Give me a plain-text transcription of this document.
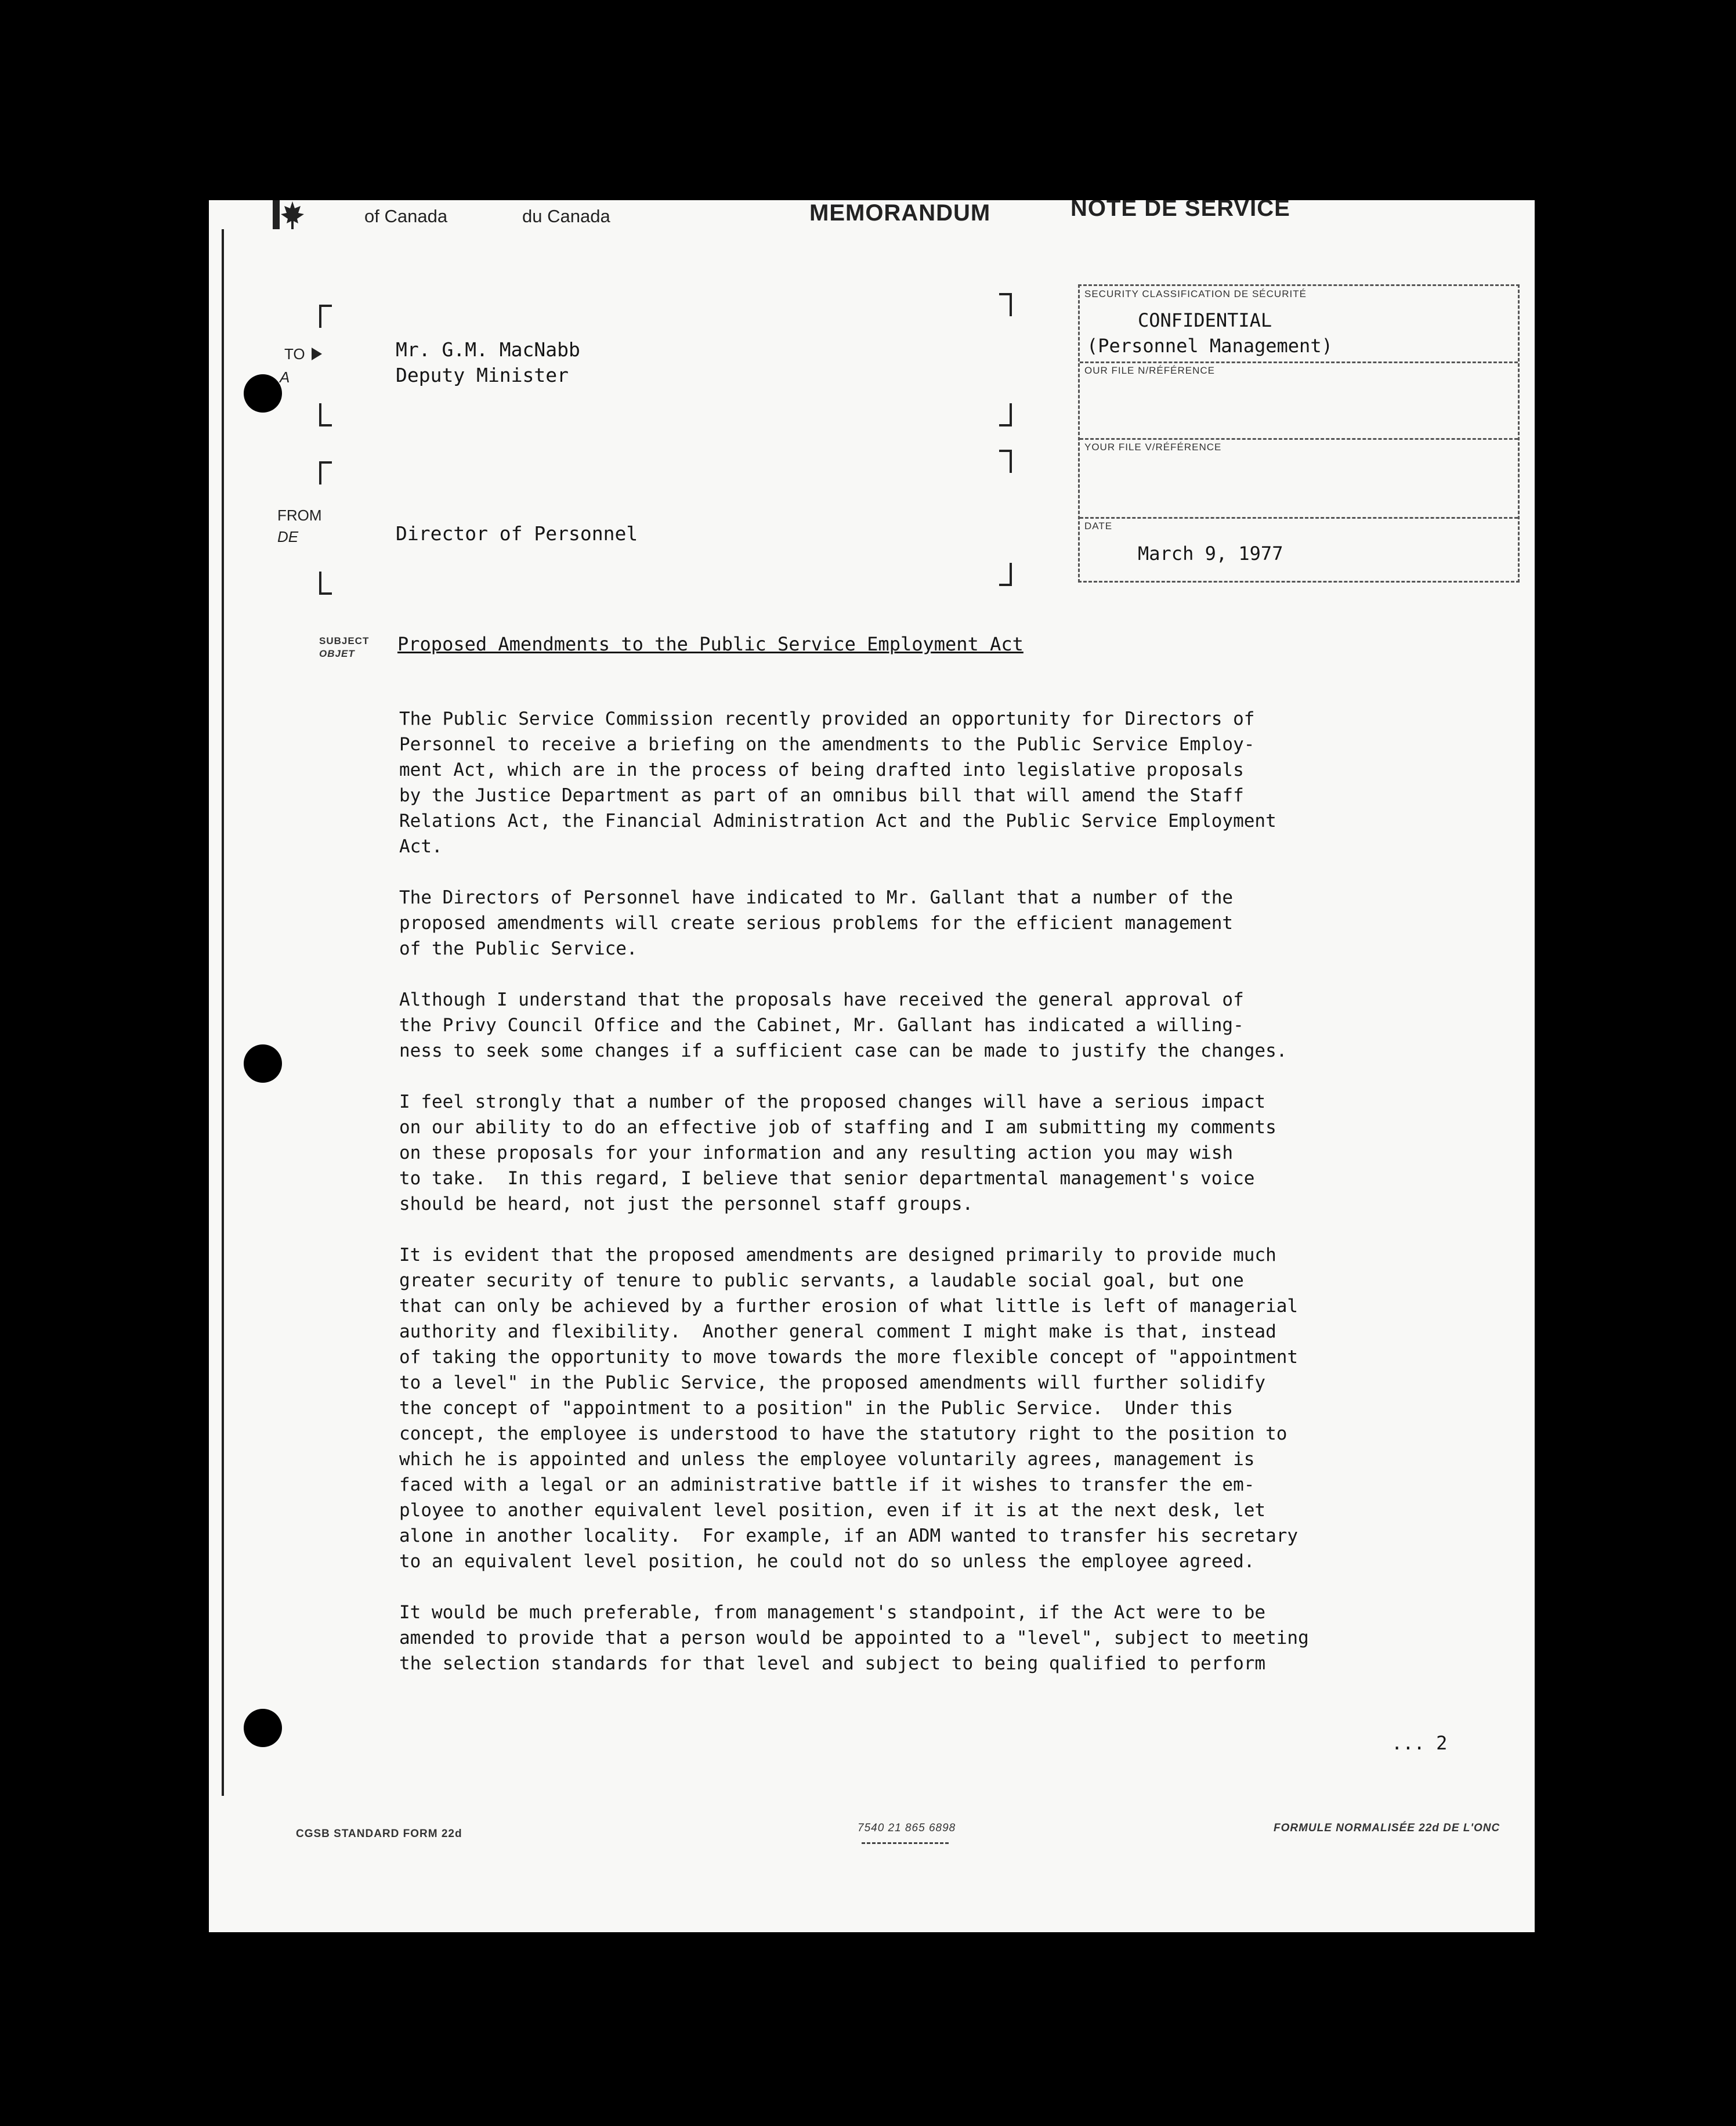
of Canada	du Canada	MEMORANDUM	NOTE DE SERVICE
TO
A
Mr. G.M. MacNabb
Deputy Minister
FROM
DE	Director of Personnel
SECURITY CLASSIFICATION DE SÉCURITÉ
CONFIDENTIAL
(Personnel Management)
OUR FILE N/RÉFÉRENCE
YOUR FILE V/RÉFÉRENCE
DATE
March 9, 1977
SUBJECT
OBJET Proposed Amendments to the Public Service Employment Act

The Public Service Commission recently provided an opportunity for Directors of
Personnel to receive a briefing on the amendments to the Public Service Employ-
ment Act, which are in the process of being drafted into legislative proposals
by the Justice Department as part of an omnibus bill that will amend the Staff
Relations Act, the Financial Administration Act and the Public Service Employment
Act.

The Directors of Personnel have indicated to Mr. Gallant that a number of the
proposed amendments will create serious problems for the efficient management
of the Public Service.

Although I understand that the proposals have received the general approval of
the Privy Council Office and the Cabinet, Mr. Gallant has indicated a willing-
ness to seek some changes if a sufficient case can be made to justify the changes.

I feel strongly that a number of the proposed changes will have a serious impact
on our ability to do an effective job of staffing and I am submitting my comments
on these proposals for your information and any resulting action you may wish
to take.  In this regard, I believe that senior departmental management's voice
should be heard, not just the personnel staff groups.

It is evident that the proposed amendments are designed primarily to provide much
greater security of tenure to public servants, a laudable social goal, but one
that can only be achieved by a further erosion of what little is left of managerial
authority and flexibility.  Another general comment I might make is that, instead
of taking the opportunity to move towards the more flexible concept of "appointment
to a level" in the Public Service, the proposed amendments will further solidify
the concept of "appointment to a position" in the Public Service.  Under this
concept, the employee is understood to have the statutory right to the position to
which he is appointed and unless the employee voluntarily agrees, management is
faced with a legal or an administrative battle if it wishes to transfer the em-
ployee to another equivalent level position, even if it is at the next desk, let
alone in another locality.  For example, if an ADM wanted to transfer his secretary
to an equivalent level position, he could not do so unless the employee agreed.

It would be much preferable, from management's standpoint, if the Act were to be
amended to provide that a person would be appointed to a "level", subject to meeting
the selection standards for that level and subject to being qualified to perform

... 2
CGSB STANDARD FORM 22d	7540 21 865 6898	FORMULE NORMALISÉE 22d DE L'ONC
